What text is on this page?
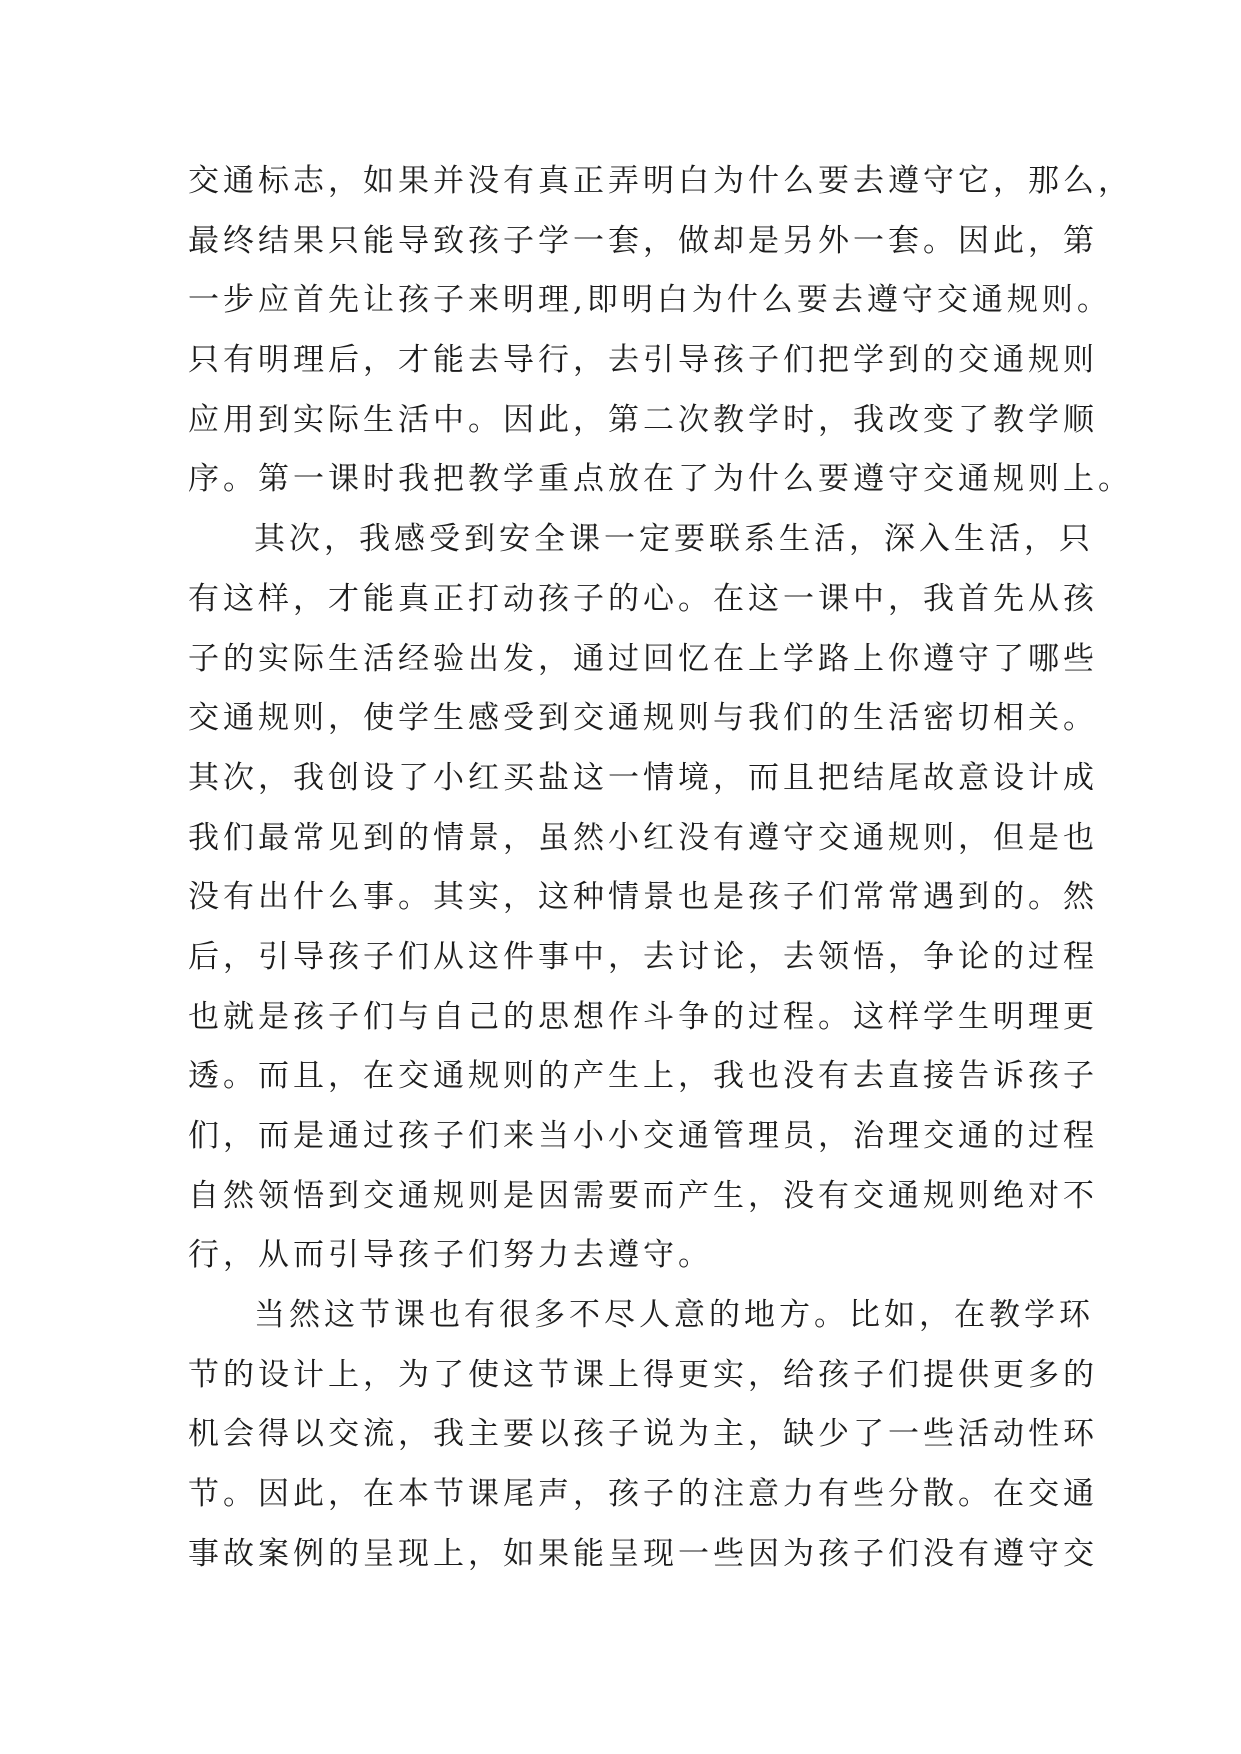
交通标志，如果并没有真正弄明白为什么要去遵守它，那么，
最终结果只能导致孩子学一套，做却是另外一套。因此，第
一步应首先让孩子来明理,即明白为什么要去遵守交通规则。
只有明理后，才能去导行，去引导孩子们把学到的交通规则
应用到实际生活中。因此，第二次教学时，我改变了教学顺
序。第一课时我把教学重点放在了为什么要遵守交通规则上。
其次，我感受到安全课一定要联系生活，深入生活，只
有这样，才能真正打动孩子的心。在这一课中，我首先从孩
子的实际生活经验出发，通过回忆在上学路上你遵守了哪些
交通规则，使学生感受到交通规则与我们的生活密切相关。
其次，我创设了小红买盐这一情境，而且把结尾故意设计成
我们最常见到的情景，虽然小红没有遵守交通规则，但是也
没有出什么事。其实，这种情景也是孩子们常常遇到的。然
后，引导孩子们从这件事中，去讨论，去领悟，争论的过程
也就是孩子们与自己的思想作斗争的过程。这样学生明理更
透。而且，在交通规则的产生上，我也没有去直接告诉孩子
们，而是通过孩子们来当小小交通管理员，治理交通的过程
自然领悟到交通规则是因需要而产生，没有交通规则绝对不
行，从而引导孩子们努力去遵守。
当然这节课也有很多不尽人意的地方。比如，在教学环
节的设计上，为了使这节课上得更实，给孩子们提供更多的
机会得以交流，我主要以孩子说为主，缺少了一些活动性环
节。因此，在本节课尾声，孩子的注意力有些分散。在交通
事故案例的呈现上，如果能呈现一些因为孩子们没有遵守交
